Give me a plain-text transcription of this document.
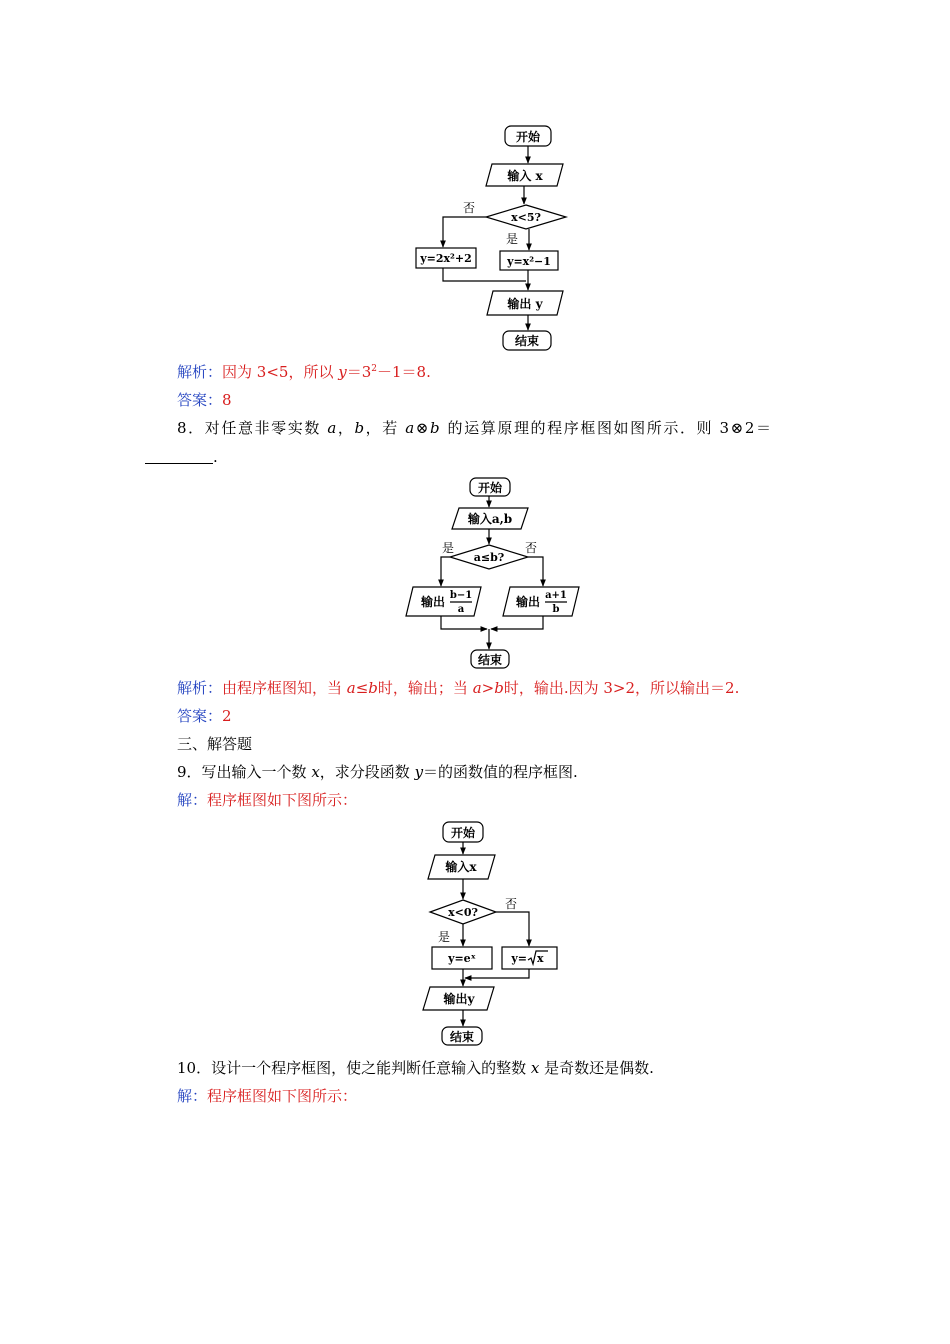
开始
输入 x
x<5?
否
是
y=2x²+2	y=x²−1
输出 y
结束
解析：因为 3<5，所以 $y=3^2-1=8$.
答案：8
8．对任意非零实数 a，b，若 a⊗b 的运算原理的程序框图如图所示．则 3⊗2＝
.
开始
输入a,b
a≤b?
是	否
输出 b−1
a
输出 a+1
b
结束
解析：由程序框图知，当 a≤b时，输出；当 a>b时，输出.因为 3>2，所以输出＝2.
答案：2
三、解答题
9．写出输入一个数 x，求分段函数 y＝的函数值的程序框图.
解：程序框图如下图所示：
开始
输入x
x<0?
否
是
y=eˣ	y= x
输出y
结束
10．设计一个程序框图，使之能判断任意输入的整数 x 是奇数还是偶数.
解：程序框图如下图所示：
